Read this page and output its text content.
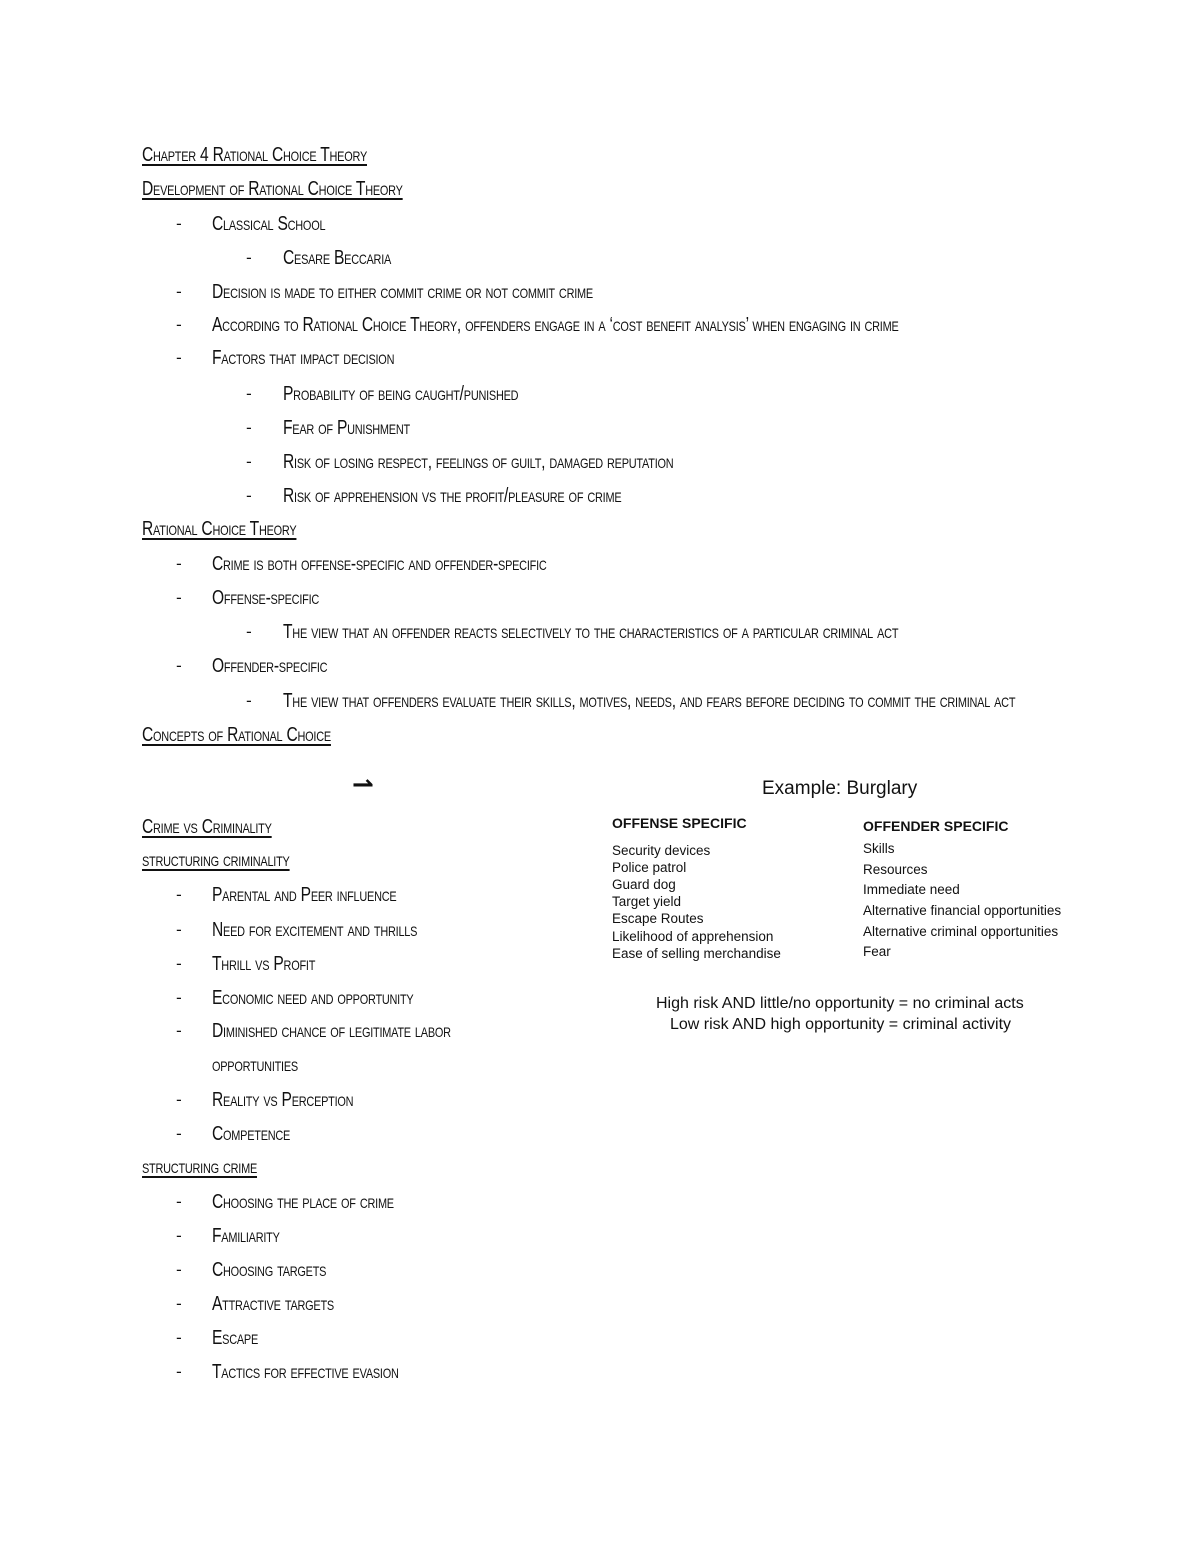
Chapter 4 Rational Choice Theory
Development of Rational Choice Theory
- Classical School
- Cesare Beccaria
- Decision is made to either commit crime or not commit crime
- According to Rational Choice Theory, offenders engage in a ‘cost benefit analysis’ when engaging in crime
- Factors that impact decision
- Probability of being caught/punished
- Fear of Punishment
- Risk of losing respect, feelings of guilt, damaged reputation
- Risk of apprehension vs the profit/pleasure of crime
Rational Choice Theory
- Crime is both offense-specific and offender-specific
- Offense-specific
- The view that an offender reacts selectively to the characteristics of a particular criminal act
- Offender-specific
- The view that offenders evaluate their skills, motives, needs, and fears before deciding to commit the criminal act
Concepts of Rational Choice
⇀
Crime vs Criminality
structuring criminality
- Parental and Peer influence
- Need for excitement and thrills
- Thrill vs Profit
- Economic need and opportunity
- Diminished chance of legitimate labor
opportunities
- Reality vs Perception
- Competence
structuring crime
- Choosing the place of crime
- Familiarity
- Choosing targets
- Attractive targets
- Escape
- Tactics for effective evasion
Example: Burglary
OFFENSE SPECIFIC
Security devices
Police patrol
Guard dog
Target yield
Escape Routes
Likelihood of apprehension
Ease of selling merchandise
OFFENDER SPECIFIC
Skills
Resources
Immediate need
Alternative financial opportunities
Alternative criminal opportunities
Fear
High risk AND little/no opportunity = no criminal acts
Low risk AND high opportunity = criminal activity
